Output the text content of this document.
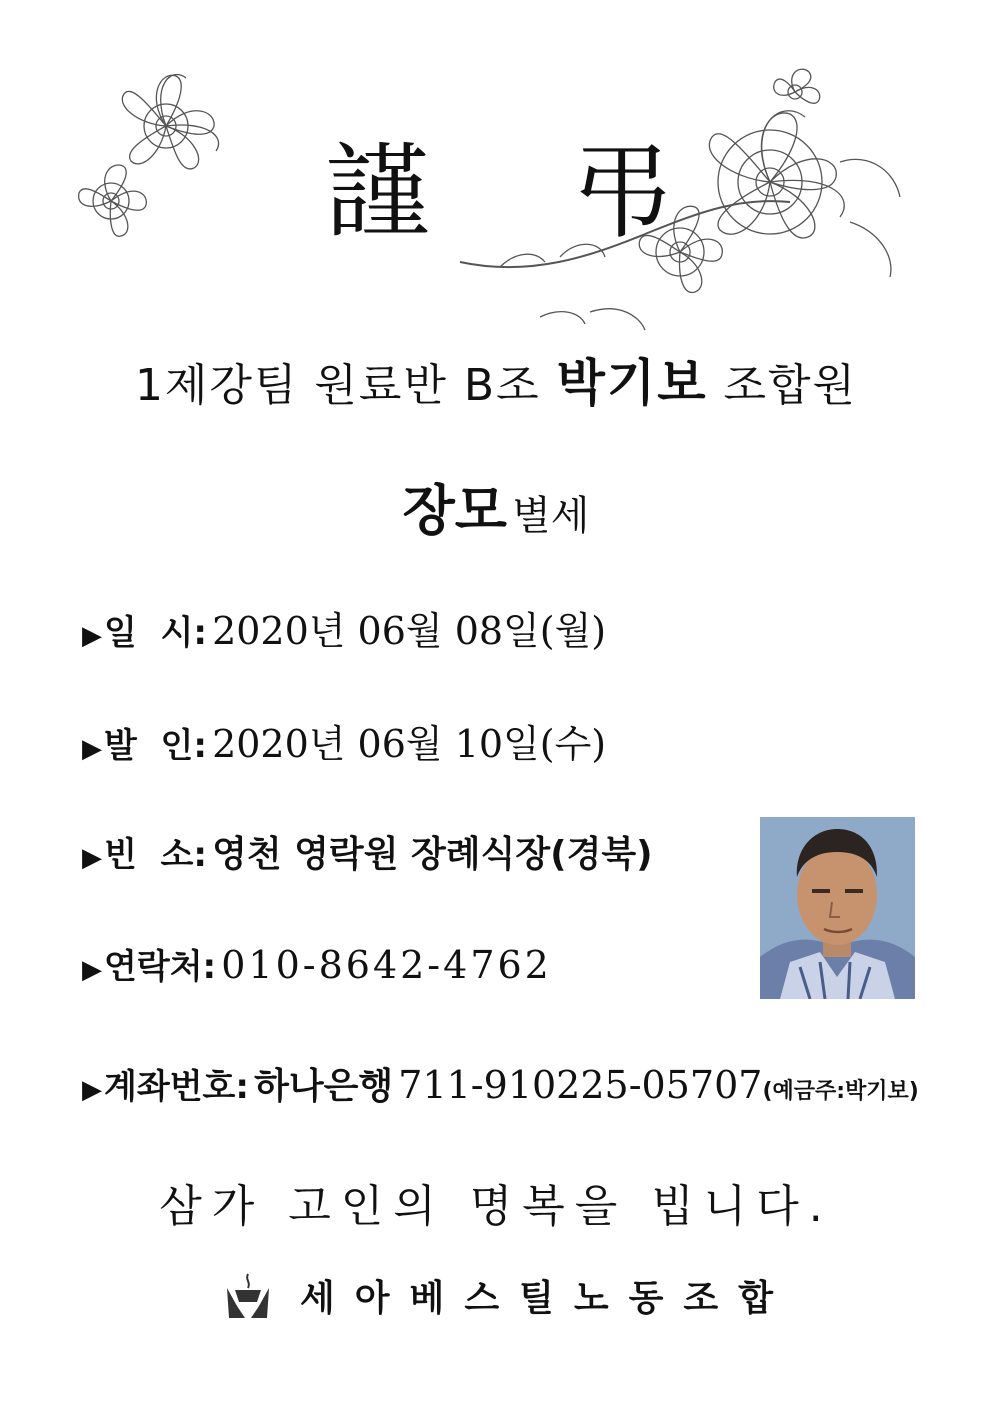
謹 弔
1제강팀 원료반 B조 박기보 조합원
장모 별세
▶일  시: 2020년 06월 08일(월)
▶발  인: 2020년 06월 10일(수)
▶빈  소: 영천 영락원 장례식장(경북)
▶연락처: 010-8642-4762
▶계좌번호: 하나은행 711-910225-05707(예금주:박기보)
삼가 고인의 명복을 빕니다.
세아베스틸노동조합
